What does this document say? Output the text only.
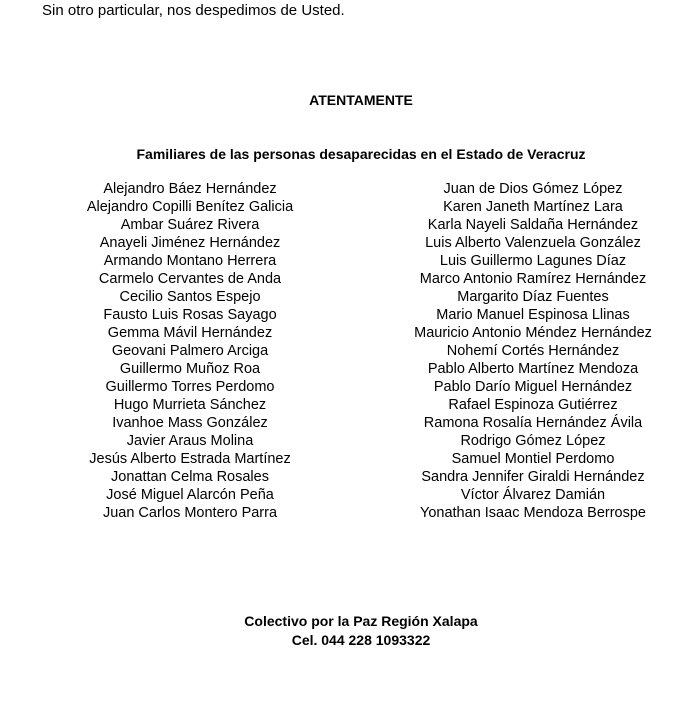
Sin otro particular, nos despedimos de Usted.
ATENTAMENTE
Familiares de las personas desaparecidas en el Estado de Veracruz
Alejandro Báez Hernández
Alejandro Copilli Benítez Galicia
Ambar Suárez Rivera
Anayeli Jiménez Hernández
Armando Montano Herrera
Carmelo Cervantes de Anda
Cecilio Santos Espejo
Fausto Luis Rosas Sayago
Gemma Mávil Hernández
Geovani Palmero Arciga
Guillermo Muñoz Roa
Guillermo Torres Perdomo
Hugo Murrieta Sánchez
Ivanhoe Mass González
Javier Araus Molina
Jesús Alberto Estrada Martínez
Jonattan Celma Rosales
José Miguel Alarcón Peña
Juan Carlos Montero Parra
Juan de Dios Gómez López
Karen Janeth Martínez Lara
Karla Nayeli Saldaña Hernández
Luis Alberto Valenzuela González
Luis Guillermo Lagunes Díaz
Marco Antonio Ramírez Hernández
Margarito Díaz Fuentes
Mario Manuel Espinosa Llinas
Mauricio Antonio Méndez Hernández
Nohemí Cortés Hernández
Pablo Alberto Martínez Mendoza
Pablo Darío Miguel Hernández
Rafael Espinoza Gutiérrez
Ramona Rosalía Hernández Ávila
Rodrigo Gómez López
Samuel Montiel Perdomo
Sandra Jennifer Giraldi Hernández
Víctor Álvarez Damián
Yonathan Isaac Mendoza Berrospe
Colectivo por la Paz Región Xalapa
Cel. 044 228 1093322
